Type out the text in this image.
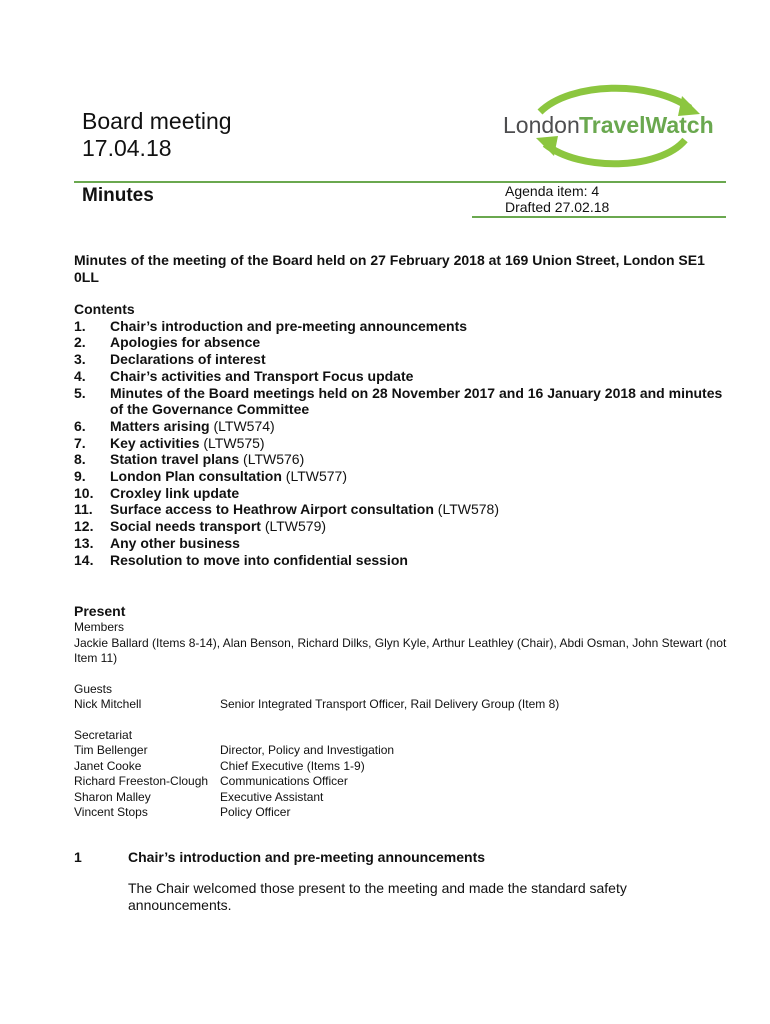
Board meeting
17.04.18
London TravelWatch
Minutes	Agenda item: 4
Drafted 27.02.18
Minutes of the meeting of the Board held on 27 February 2018 at 169 Union Street, London SE1 0LL
Contents
1.	Chair’s introduction and pre-meeting announcements
2.	Apologies for absence
3.	Declarations of interest
4.	Chair’s activities and Transport Focus update
5.	Minutes of the Board meetings held on 28 November 2017 and 16 January 2018 and minutes of the Governance Committee
6.	Matters arising (LTW574)
7.	Key activities (LTW575)
8.	Station travel plans (LTW576)
9.	London Plan consultation (LTW577)
10.	Croxley link update
11.	Surface access to Heathrow Airport consultation (LTW578)
12.	Social needs transport (LTW579)
13.	Any other business
14.	Resolution to move into confidential session
Present
Members
Jackie Ballard (Items 8-14), Alan Benson, Richard Dilks, Glyn Kyle, Arthur Leathley (Chair), Abdi Osman, John Stewart (not Item 11)
Guests
Nick Mitchell	Senior Integrated Transport Officer, Rail Delivery Group (Item 8)
Secretariat
Tim Bellenger	Director, Policy and Investigation
Janet Cooke	Chief Executive (Items 1-9)
Richard Freeston-Clough Communications Officer
Sharon Malley	Executive Assistant
Vincent Stops	Policy Officer
1	Chair’s introduction and pre-meeting announcements
The Chair welcomed those present to the meeting and made the standard safety announcements.
